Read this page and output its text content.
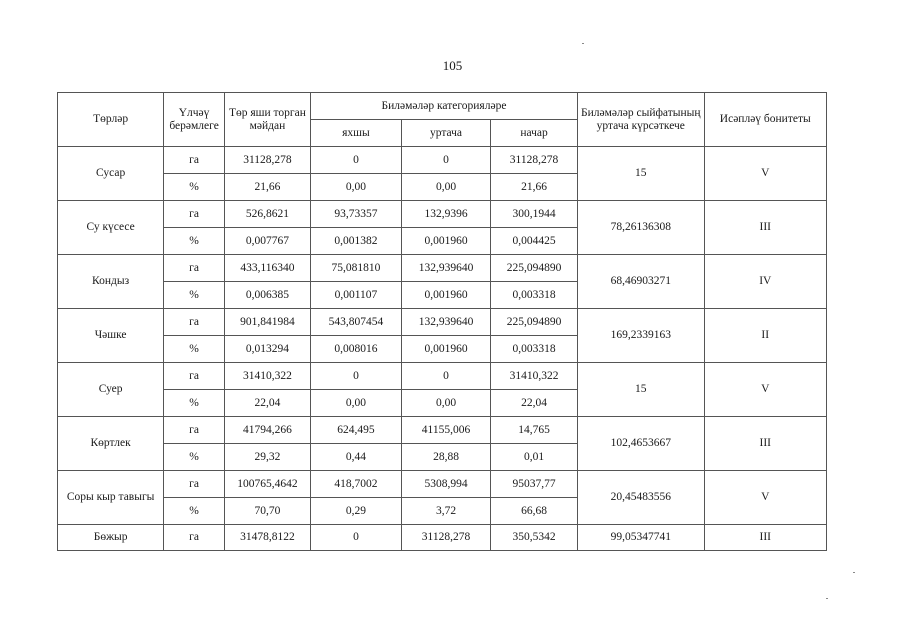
105
Төрләр	Үлчәү берәмлеге	Төр яши торган мәйдан	Биләмәләр категорияләре			Биләмәләр сыйфатының уртача күрсәткече	Исәпләү бонитеты
			яхшы	уртача	начар		
Сусар	га	31128,278	0	0	31128,278	15	V
	%	21,66	0,00	0,00	21,66		
Су күсесе	га	526,8621	93,73357	132,9396	300,1944	78,26136308	III
	%	0,007767	0,001382	0,001960	0,004425		
Кондыз	га	433,116340	75,081810	132,939640	225,094890	68,46903271	IV
	%	0,006385	0,001107	0,001960	0,003318		
Чәшке	га	901,841984	543,807454	132,939640	225,094890	169,2339163	II
	%	0,013294	0,008016	0,001960	0,003318		
Суер	га	31410,322	0	0	31410,322	15	V
	%	22,04	0,00	0,00	22,04		
Көртлек	га	41794,266	624,495	41155,006	14,765	102,4653667	III
	%	29,32	0,44	28,88	0,01		
Соры кыр тавыгы	га	100765,4642	418,7002	5308,994	95037,77	20,45483556	V
	%	70,70	0,29	3,72	66,68		
Бөжыр	га	31478,8122	0	31128,278	350,5342	99,05347741	III
